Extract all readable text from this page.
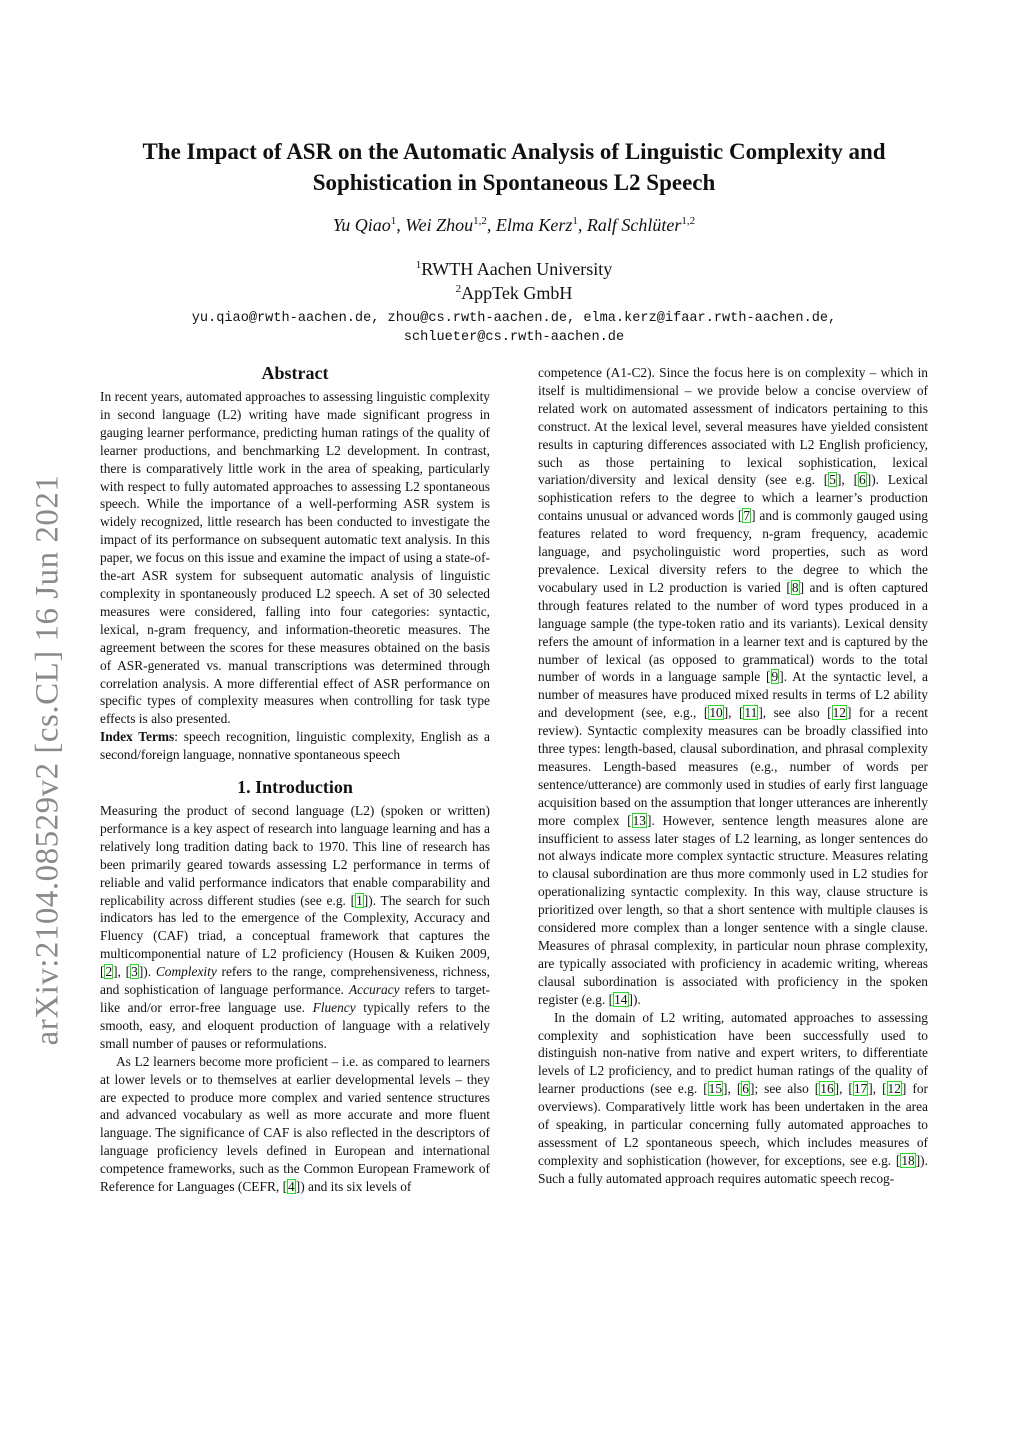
arXiv:2104.08529v2 [cs.CL] 16 Jun 2021
The Impact of ASR on the Automatic Analysis of Linguistic Complexity and Sophistication in Spontaneous L2 Speech
Yu Qiao$^1$, Wei Zhou$^{1,2}$, Elma Kerz$^1$, Ralf Schlüter$^{1,2}$
$^1$RWTH Aachen University
$^2$AppTek GmbH
yu.qiao@rwth-aachen.de, zhou@cs.rwth-aachen.de, elma.kerz@ifaar.rwth-aachen.de,
schlueter@cs.rwth-aachen.de
Abstract

In recent years, automated approaches to assessing linguistic complexity in second language (L2) writing have made significant progress in gauging learner performance, predicting human ratings of the quality of learner productions, and benchmarking L2 development. In contrast, there is comparatively little work in the area of speaking, particularly with respect to fully automated approaches to assessing L2 spontaneous speech. While the importance of a well-performing ASR system is widely recognized, little research has been conducted to investigate the impact of its performance on subsequent automatic text analysis. In this paper, we focus on this issue and examine the impact of using a state-of-the-art ASR system for subsequent automatic analysis of linguistic complexity in spontaneously produced L2 speech. A set of 30 selected measures were considered, falling into four categories: syntactic, lexical, n-gram frequency, and information-theoretic measures. The agreement between the scores for these measures obtained on the basis of ASR-generated vs. manual transcriptions was determined through correlation analysis. A more differential effect of ASR performance on specific types of complexity measures when controlling for task type effects is also presented.

Index Terms: speech recognition, linguistic complexity, English as a second/foreign language, nonnative spontaneous speech

1. Introduction

Measuring the product of second language (L2) (spoken or written) performance is a key aspect of research into language learning and has a relatively long tradition dating back to 1970. This line of research has been primarily geared towards assessing L2 performance in terms of reliable and valid performance indicators that enable comparability and replicability across different studies (see e.g. [1]). The search for such indicators has led to the emergence of the Complexity, Accuracy and Fluency (CAF) triad, a conceptual framework that captures the multicomponential nature of L2 proficiency (Housen & Kuiken 2009, [2], [3]). Complexity refers to the range, comprehensiveness, richness, and sophistication of language performance. Accuracy refers to target-like and/or error-free language use. Fluency typically refers to the smooth, easy, and eloquent production of language with a relatively small number of pauses or reformulations.

As L2 learners become more proficient – i.e. as compared to learners at lower levels or to themselves at earlier developmental levels – they are expected to produce more complex and varied sentence structures and advanced vocabulary as well as more accurate and more fluent language. The significance of CAF is also reflected in the descriptors of language proficiency levels defined in European and international competence frameworks, such as the Common European Framework of Reference for Languages (CEFR, [4]) and its six levels of

competence (A1-C2). Since the focus here is on complexity – which in itself is multidimensional – we provide below a concise overview of related work on automated assessment of indicators pertaining to this construct. At the lexical level, several measures have yielded consistent results in capturing differences associated with L2 English proficiency, such as those pertaining to lexical sophistication, lexical variation/diversity and lexical density (see e.g. [5], [6]). Lexical sophistication refers to the degree to which a learner’s production contains unusual or advanced words [7] and is commonly gauged using features related to word frequency, n-gram frequency, academic language, and psycholinguistic word properties, such as word prevalence. Lexical diversity refers to the degree to which the vocabulary used in L2 production is varied [8] and is often captured through features related to the number of word types produced in a language sample (the type-token ratio and its variants). Lexical density refers the amount of information in a learner text and is captured by the number of lexical (as opposed to grammatical) words to the total number of words in a language sample [9]. At the syntactic level, a number of measures have produced mixed results in terms of L2 ability and development (see, e.g., [10], [11], see also [12] for a recent review). Syntactic complexity measures can be broadly classified into three types: length-based, clausal subordination, and phrasal complexity measures. Length-based measures (e.g., number of words per sentence/utterance) are commonly used in studies of early first language acquisition based on the assumption that longer utterances are inherently more complex [13]. However, sentence length measures alone are insufficient to assess later stages of L2 learning, as longer sentences do not always indicate more complex syntactic structure. Measures relating to clausal subordination are thus more commonly used in L2 studies for operationalizing syntactic complexity. In this way, clause structure is prioritized over length, so that a short sentence with multiple clauses is considered more complex than a longer sentence with a single clause. Measures of phrasal complexity, in particular noun phrase complexity, are typically associated with proficiency in academic writing, whereas clausal subordination is associated with proficiency in the spoken register (e.g. [14]).

In the domain of L2 writing, automated approaches to assessing complexity and sophistication have been successfully used to distinguish non-native from native and expert writers, to differentiate levels of L2 proficiency, and to predict human ratings of the quality of learner productions (see e.g. [15], [6]; see also [16], [17], [12] for overviews). Comparatively little work has been undertaken in the area of speaking, in particular concerning fully automated approaches to assessment of L2 spontaneous speech, which includes measures of complexity and sophistication (however, for exceptions, see e.g. [18]). Such a fully automated approach requires automatic speech recog-
